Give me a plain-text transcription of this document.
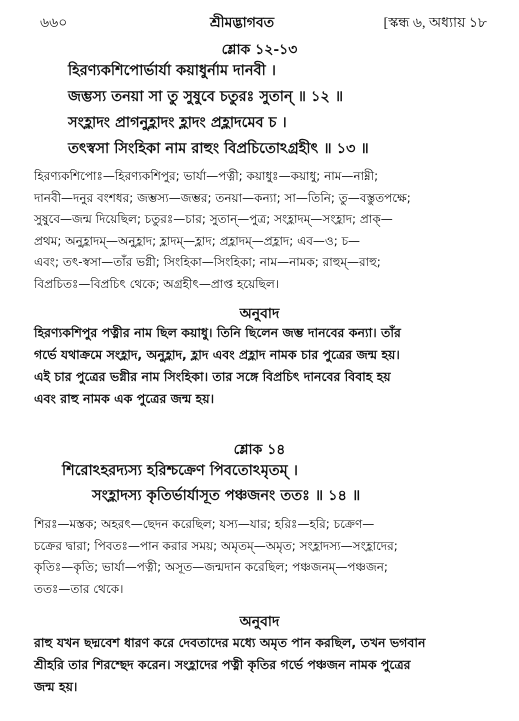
৬৬০	শ্রীমদ্ভাগবত	[স্কন্ধ ৬, অধ্যায় ১৮
শ্লোক ১২-১৩
হিরণ্যকশিপোর্ভার্যা কয়াধুর্নাম দানবী ।
জম্ভস্য তনয়া সা তু সুষুবে চতুরঃ সুতান্ ॥ ১২ ॥
সংহ্লাদং প্রাগনুহ্লাদং হ্লাদং প্রহ্লাদমেব চ ।
তৎস্বসা সিংহিকা নাম রাহুং বিপ্রচিতোঽগ্রহীৎ ॥ ১৩ ॥
হিরণ্যকশিপোঃ—হিরণ্যকশিপুর; ভার্যা—পত্নী; কয়াধুঃ—কয়াধু; নাম—নাম্নী;
দানবী—দনুর বংশধর; জম্ভস্য—জম্ভর; তনয়া—কন্যা; সা—তিনি; তু—বস্তুতপক্ষে;
সুষুবে—জন্ম দিয়েছিল; চতুরঃ—চার; সুতান্—পুত্র; সংহ্লাদম্—সংহ্লাদ; প্রাক্—
প্রথম; অনুহ্লাদম্—অনুহ্লাদ; হ্লাদম্—হ্লাদ; প্রহ্লাদম্—প্রহ্লাদ; এব—ও; চ—
এবং; তৎ-স্বসা—তাঁর ভগ্নী; সিংহিকা—সিংহিকা; নাম—নামক; রাহুম্—রাহু;
বিপ্রচিতঃ—বিপ্রচিৎ থেকে; অগ্রহীৎ—প্রাপ্ত হয়েছিল।
অনুবাদ
হিরণ্যকশিপুর পত্নীর নাম ছিল কয়াধু। তিনি ছিলেন জম্ভ দানবের কন্যা। তাঁর
গর্ভে যথাক্রমে সংহ্লাদ, অনুহ্লাদ, হ্লাদ এবং প্রহ্লাদ নামক চার পুত্রের জন্ম হয়।
এই চার পুত্রের ভগ্নীর নাম সিংহিকা। তার সঙ্গে বিপ্রচিৎ দানবের বিবাহ হয়
এবং রাহু নামক এক পুত্রের জন্ম হয়।
শ্লোক ১৪
শিরোঽহরদ্যস্য হরিশ্চক্রেণ পিবতোঽমৃতম্ ।
সংহ্লাদস্য কৃতির্ভার্যাসূত পঞ্চজনং ততঃ ॥ ১৪ ॥
শিরঃ—মস্তক; অহরৎ—ছেদন করেছিল; যস্য—যার; হরিঃ—হরি; চক্রেণ—
চক্রের দ্বারা; পিবতঃ—পান করার সময়; অমৃতম্—অমৃত; সংহ্লাদস্য—সংহ্লাদের;
কৃতিঃ—কৃতি; ভার্যা—পত্নী; অসূত—জন্মদান করেছিল; পঞ্চজনম্—পঞ্চজন;
ততঃ—তার থেকে।
অনুবাদ
রাহু যখন ছদ্মবেশ ধারণ করে দেবতাদের মধ্যে অমৃত পান করছিল, তখন ভগবান
শ্রীহরি তার শিরশ্ছেদ করেন। সংহ্লাদের পত্নী কৃতির গর্ভে পঞ্চজন নামক পুত্রের
জন্ম হয়।
